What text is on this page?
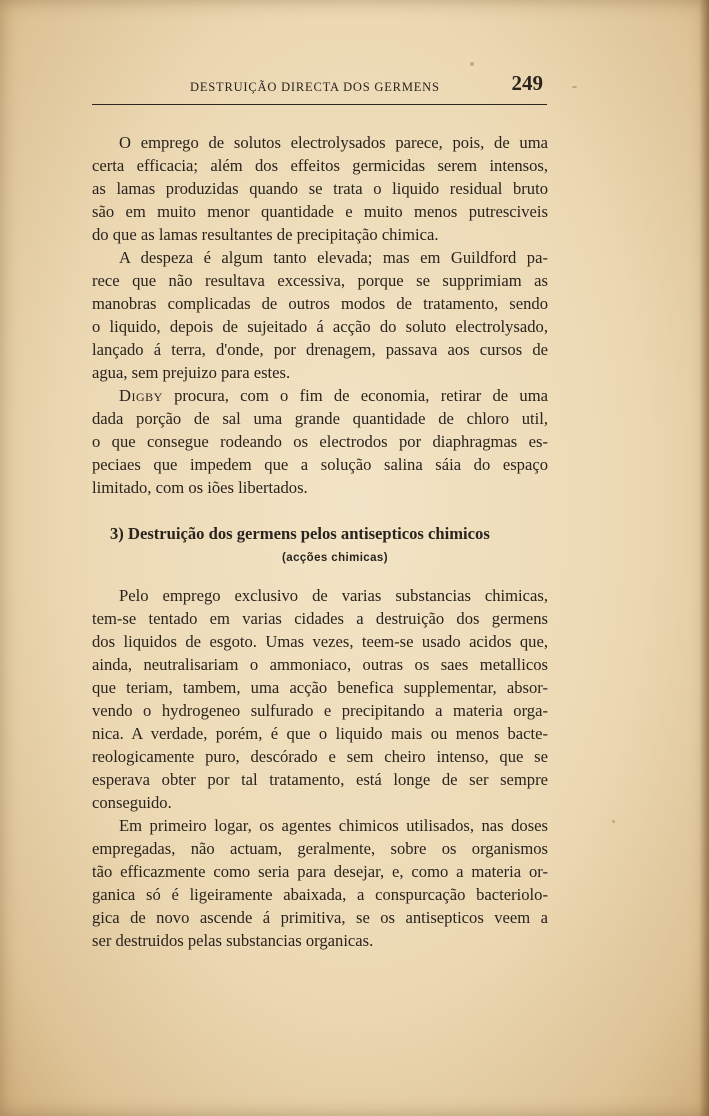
DESTRUIÇÃO DIRECTA DOS GERMENS	249
O emprego de solutos electrolysados parece, pois, de uma
certa efficacia; além dos effeitos germicidas serem intensos,
as lamas produzidas quando se trata o liquido residual bruto
são em muito menor quantidade e muito menos putresciveis
do que as lamas resultantes de precipitação chimica.
A despeza é algum tanto elevada; mas em Guildford pa-
rece que não resultava excessiva, porque se supprimiam as
manobras complicadas de outros modos de tratamento, sendo
o liquido, depois de sujeitado á acção do soluto electrolysado,
lançado á terra, d'onde, por drenagem, passava aos cursos de
agua, sem prejuizo para estes.
Digby procura, com o fim de economia, retirar de uma
dada porção de sal uma grande quantidade de chloro util,
o que consegue rodeando os electrodos por diaphragmas es-
peciaes que impedem que a solução salina sáia do espaço
limitado, com os iões libertados.
3) Destruição dos germens pelos antisepticos chimicos
(acções chimicas)
Pelo emprego exclusivo de varias substancias chimicas,
tem-se tentado em varias cidades a destruição dos germens
dos liquidos de esgoto. Umas vezes, teem-se usado acidos que,
ainda, neutralisariam o ammoniaco, outras os saes metallicos
que teriam, tambem, uma acção benefica supplementar, absor-
vendo o hydrogeneo sulfurado e precipitando a materia orga-
nica. A verdade, porém, é que o liquido mais ou menos bacte-
reologicamente puro, descórado e sem cheiro intenso, que se
esperava obter por tal tratamento, está longe de ser sempre
conseguido.
Em primeiro logar, os agentes chimicos utilisados, nas doses
empregadas, não actuam, geralmente, sobre os organismos
tão efficazmente como seria para desejar, e, como a materia or-
ganica só é ligeiramente abaixada, a conspurcação bacteriolo-
gica de novo ascende á primitiva, se os antisepticos veem a
ser destruidos pelas substancias organicas.
